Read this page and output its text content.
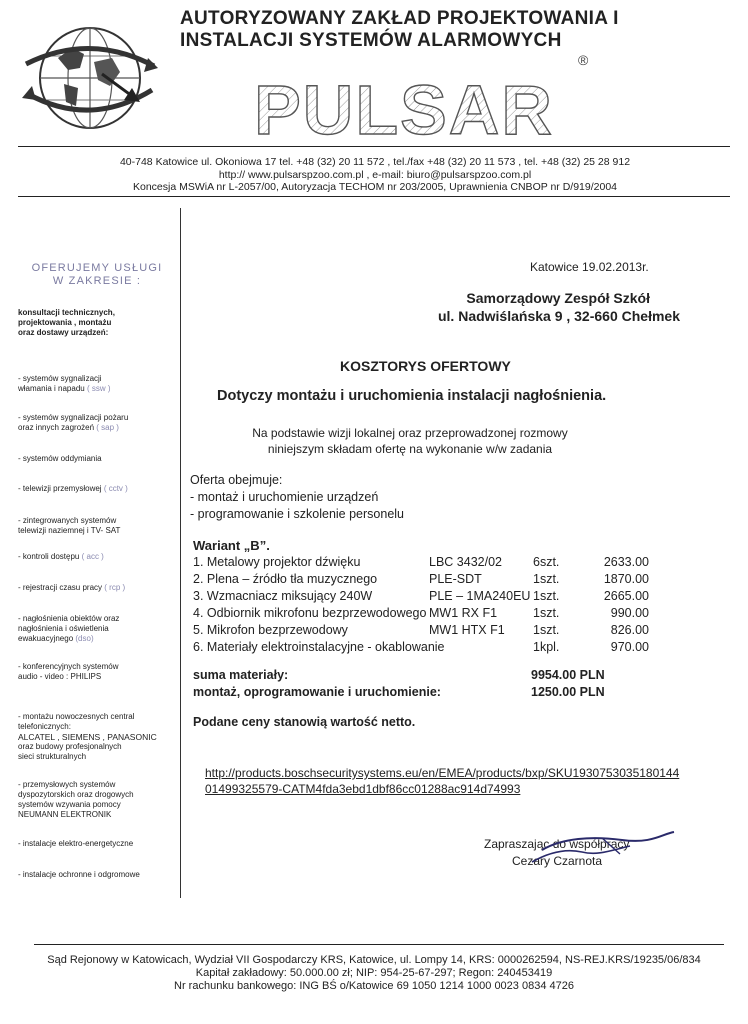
AUTORYZOWANY ZAKŁAD PROJEKTOWANIA I
INSTALACJI SYSTEMÓW ALARMOWYCH
PULSAR
®
40-748 Katowice ul. Okoniowa 17 tel. +48 (32) 20 11 572 , tel./fax +48 (32) 20 11 573 , tel. +48 (32) 25 28 912
http:// www.pulsarspzoo.com.pl , e-mail: biuro@pulsarspzoo.com.pl
Koncesja MSWiA nr L-2057/00, Autoryzacja TECHOM nr 203/2005, Uprawnienia CNBOP nr D/919/2004
OFERUJEMY USŁUGI
W ZAKRESIE :
konsultacji technicznych,
projektowania , montażu
oraz dostawy urządzeń:
- systemów sygnalizacji
włamania i napadu ( ssw )
- systemów sygnalizacji pożaru
oraz innych zagrożeń ( sap )
- systemów oddymiania
- telewizji przemysłowej ( cctv )
- zintegrowanych systemów
telewizji naziemnej i TV- SAT
- kontroli dostępu ( acc )
- rejestracji czasu pracy ( rcp )
- nagłośnienia obiektów oraz
nagłośnienia i oświetlenia
ewakuacyjnego (dso)
- konferencyjnych systemów
audio - video : PHILIPS
- montażu nowoczesnych central
telefonicznych:
ALCATEL , SIEMENS , PANASONIC
oraz budowy profesjonalnych
sieci strukturalnych
- przemysłowych systemów
dyspozytorskich oraz drogowych
systemów wzywania pomocy
NEUMANN ELEKTRONIK
- instalacje elektro-energetyczne
- instalacje ochronne i odgromowe
Katowice 19.02.2013r.
Samorządowy Zespół Szkół
ul. Nadwiślańska 9 , 32-660 Chełmek
KOSZTORYS OFERTOWY
Dotyczy montażu i uruchomienia instalacji nagłośnienia.
Na podstawie wizji lokalnej oraz przeprowadzonej rozmowy
niniejszym składam ofertę na wykonanie w/w zadania
Oferta obejmuje:
- montaż i uruchomienie urządzeń
- programowanie i szkolenie personelu
Wariant „B”.
1. Metalowy projektor dźwięku	LBC 3432/02 6szt.	2633.00
2. Plena – źródło tła muzycznego	PLE-SDT	1szt.	1870.00
3. Wzmacniacz miksujący 240W	PLE – 1MA240EU 1szt.	2665.00
4. Odbiornik mikrofonu bezprzewodowego MW1 RX F1	1szt.	990.00
5. Mikrofon bezprzewodowy	MW1 HTX F1 1szt.	826.00
6. Materiały elektroinstalacyjne - okablowanie	1kpl.	970.00
suma materiały:	9954.00 PLN
montaż, oprogramowanie i uruchomienie:	1250.00 PLN
Podane ceny stanowią wartość netto.
http://products.boschsecuritysystems.eu/en/EMEA/products/bxp/SKU1930753035180144
01499325579-CATM4fda3ebd1dbf86cc01288ac914d74993
Zapraszając do współpracy
Cezary Czarnota
Sąd Rejonowy w Katowicach, Wydział VII Gospodarczy KRS, Katowice, ul. Lompy 14, KRS: 0000262594, NS-REJ.KRS/19235/06/834
Kapitał zakładowy: 50.000.00 zł; NIP: 954-25-67-297; Regon: 240453419
Nr rachunku bankowego: ING BŚ o/Katowice 69 1050 1214 1000 0023 0834 4726
